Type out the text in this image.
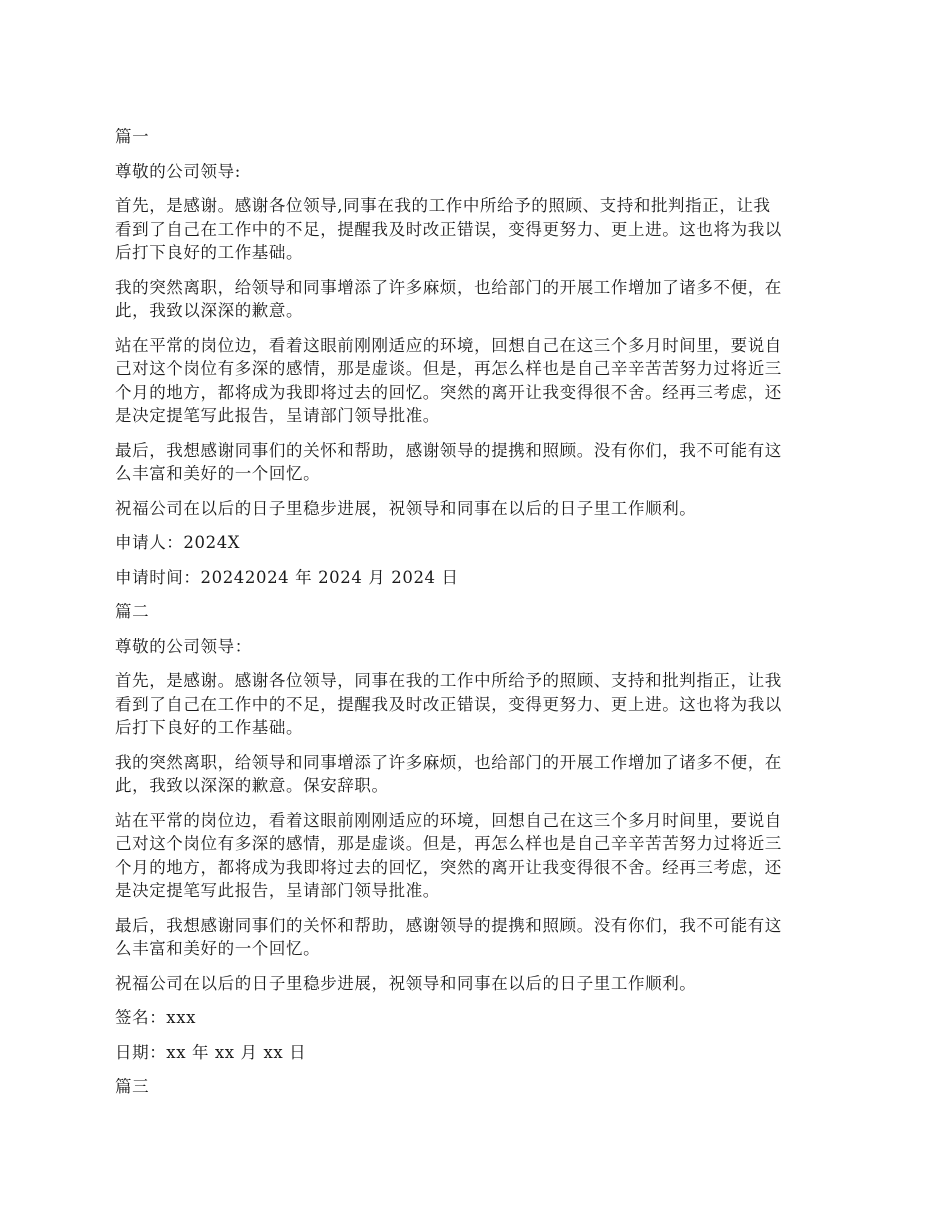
篇一

尊敬的公司领导:

首先，是感谢。感谢各位领导,同事在我的工作中所给予的照顾、支持和批判指正，让我
看到了自己在工作中的不足，提醒我及时改正错误，变得更努力、更上进。这也将为我以
后打下良好的工作基础。

我的突然离职，给领导和同事增添了许多麻烦，也给部门的开展工作增加了诸多不便，在
此，我致以深深的歉意。

站在平常的岗位边，看着这眼前刚刚适应的环境，回想自己在这三个多月时间里，要说自
己对这个岗位有多深的感情，那是虚谈。但是，再怎么样也是自己辛辛苦苦努力过将近三
个月的地方，都将成为我即将过去的回忆。突然的离开让我变得很不舍。经再三考虑，还
是决定提笔写此报告，呈请部门领导批准。

最后，我想感谢同事们的关怀和帮助，感谢领导的提携和照顾。没有你们，我不可能有这
么丰富和美好的一个回忆。

祝福公司在以后的日子里稳步进展，祝领导和同事在以后的日子里工作顺利。

申请人：2024X

申请时间：20242024 年 2024 月 2024 日

篇二

尊敬的公司领导：

首先，是感谢。感谢各位领导，同事在我的工作中所给予的照顾、支持和批判指正，让我
看到了自己在工作中的不足，提醒我及时改正错误，变得更努力、更上进。这也将为我以
后打下良好的工作基础。

我的突然离职，给领导和同事增添了许多麻烦，也给部门的开展工作增加了诸多不便，在
此，我致以深深的歉意。保安辞职。

站在平常的岗位边，看着这眼前刚刚适应的环境，回想自己在这三个多月时间里，要说自
己对这个岗位有多深的感情，那是虚谈。但是，再怎么样也是自己辛辛苦苦努力过将近三
个月的地方，都将成为我即将过去的回忆，突然的离开让我变得很不舍。经再三考虑，还
是决定提笔写此报告，呈请部门领导批准。

最后，我想感谢同事们的关怀和帮助，感谢领导的提携和照顾。没有你们，我不可能有这
么丰富和美好的一个回忆。

祝福公司在以后的日子里稳步进展，祝领导和同事在以后的日子里工作顺利。

签名：xxx

日期：xx 年 xx 月 xx 日

篇三
